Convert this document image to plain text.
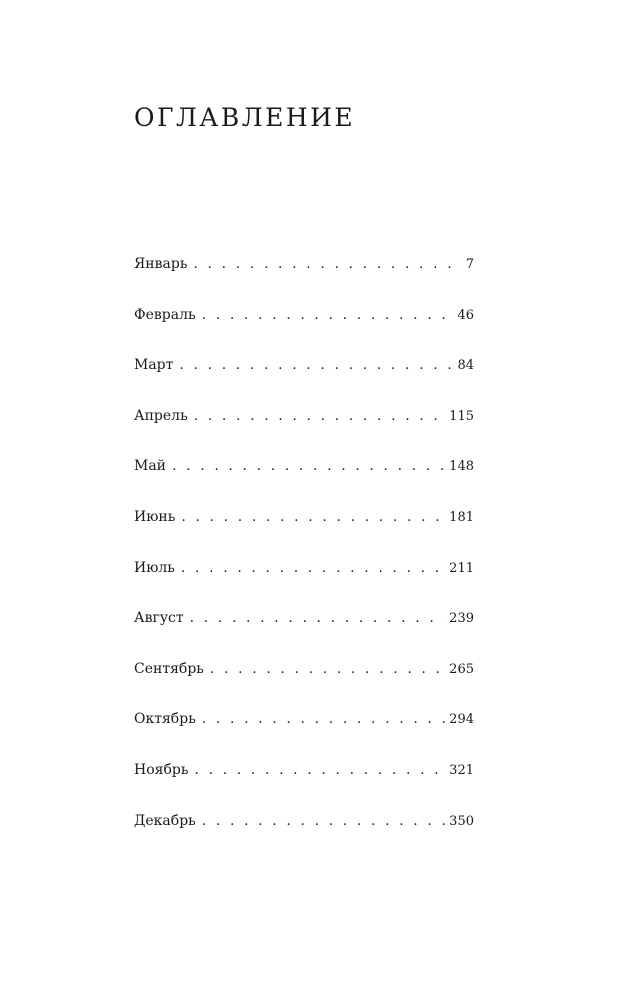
ОГЛАВЛЕНИЕ
Январь . . .	7
Февраль . . .	46
Март . . .	84
Апрель . . .	115
Май . . .	148
Июнь . . .	181
Июль . . .	211
Август . . .	239
Сентябрь . . .	265
Октябрь . . .	294
Ноябрь . . .	321
Декабрь . . .	350
